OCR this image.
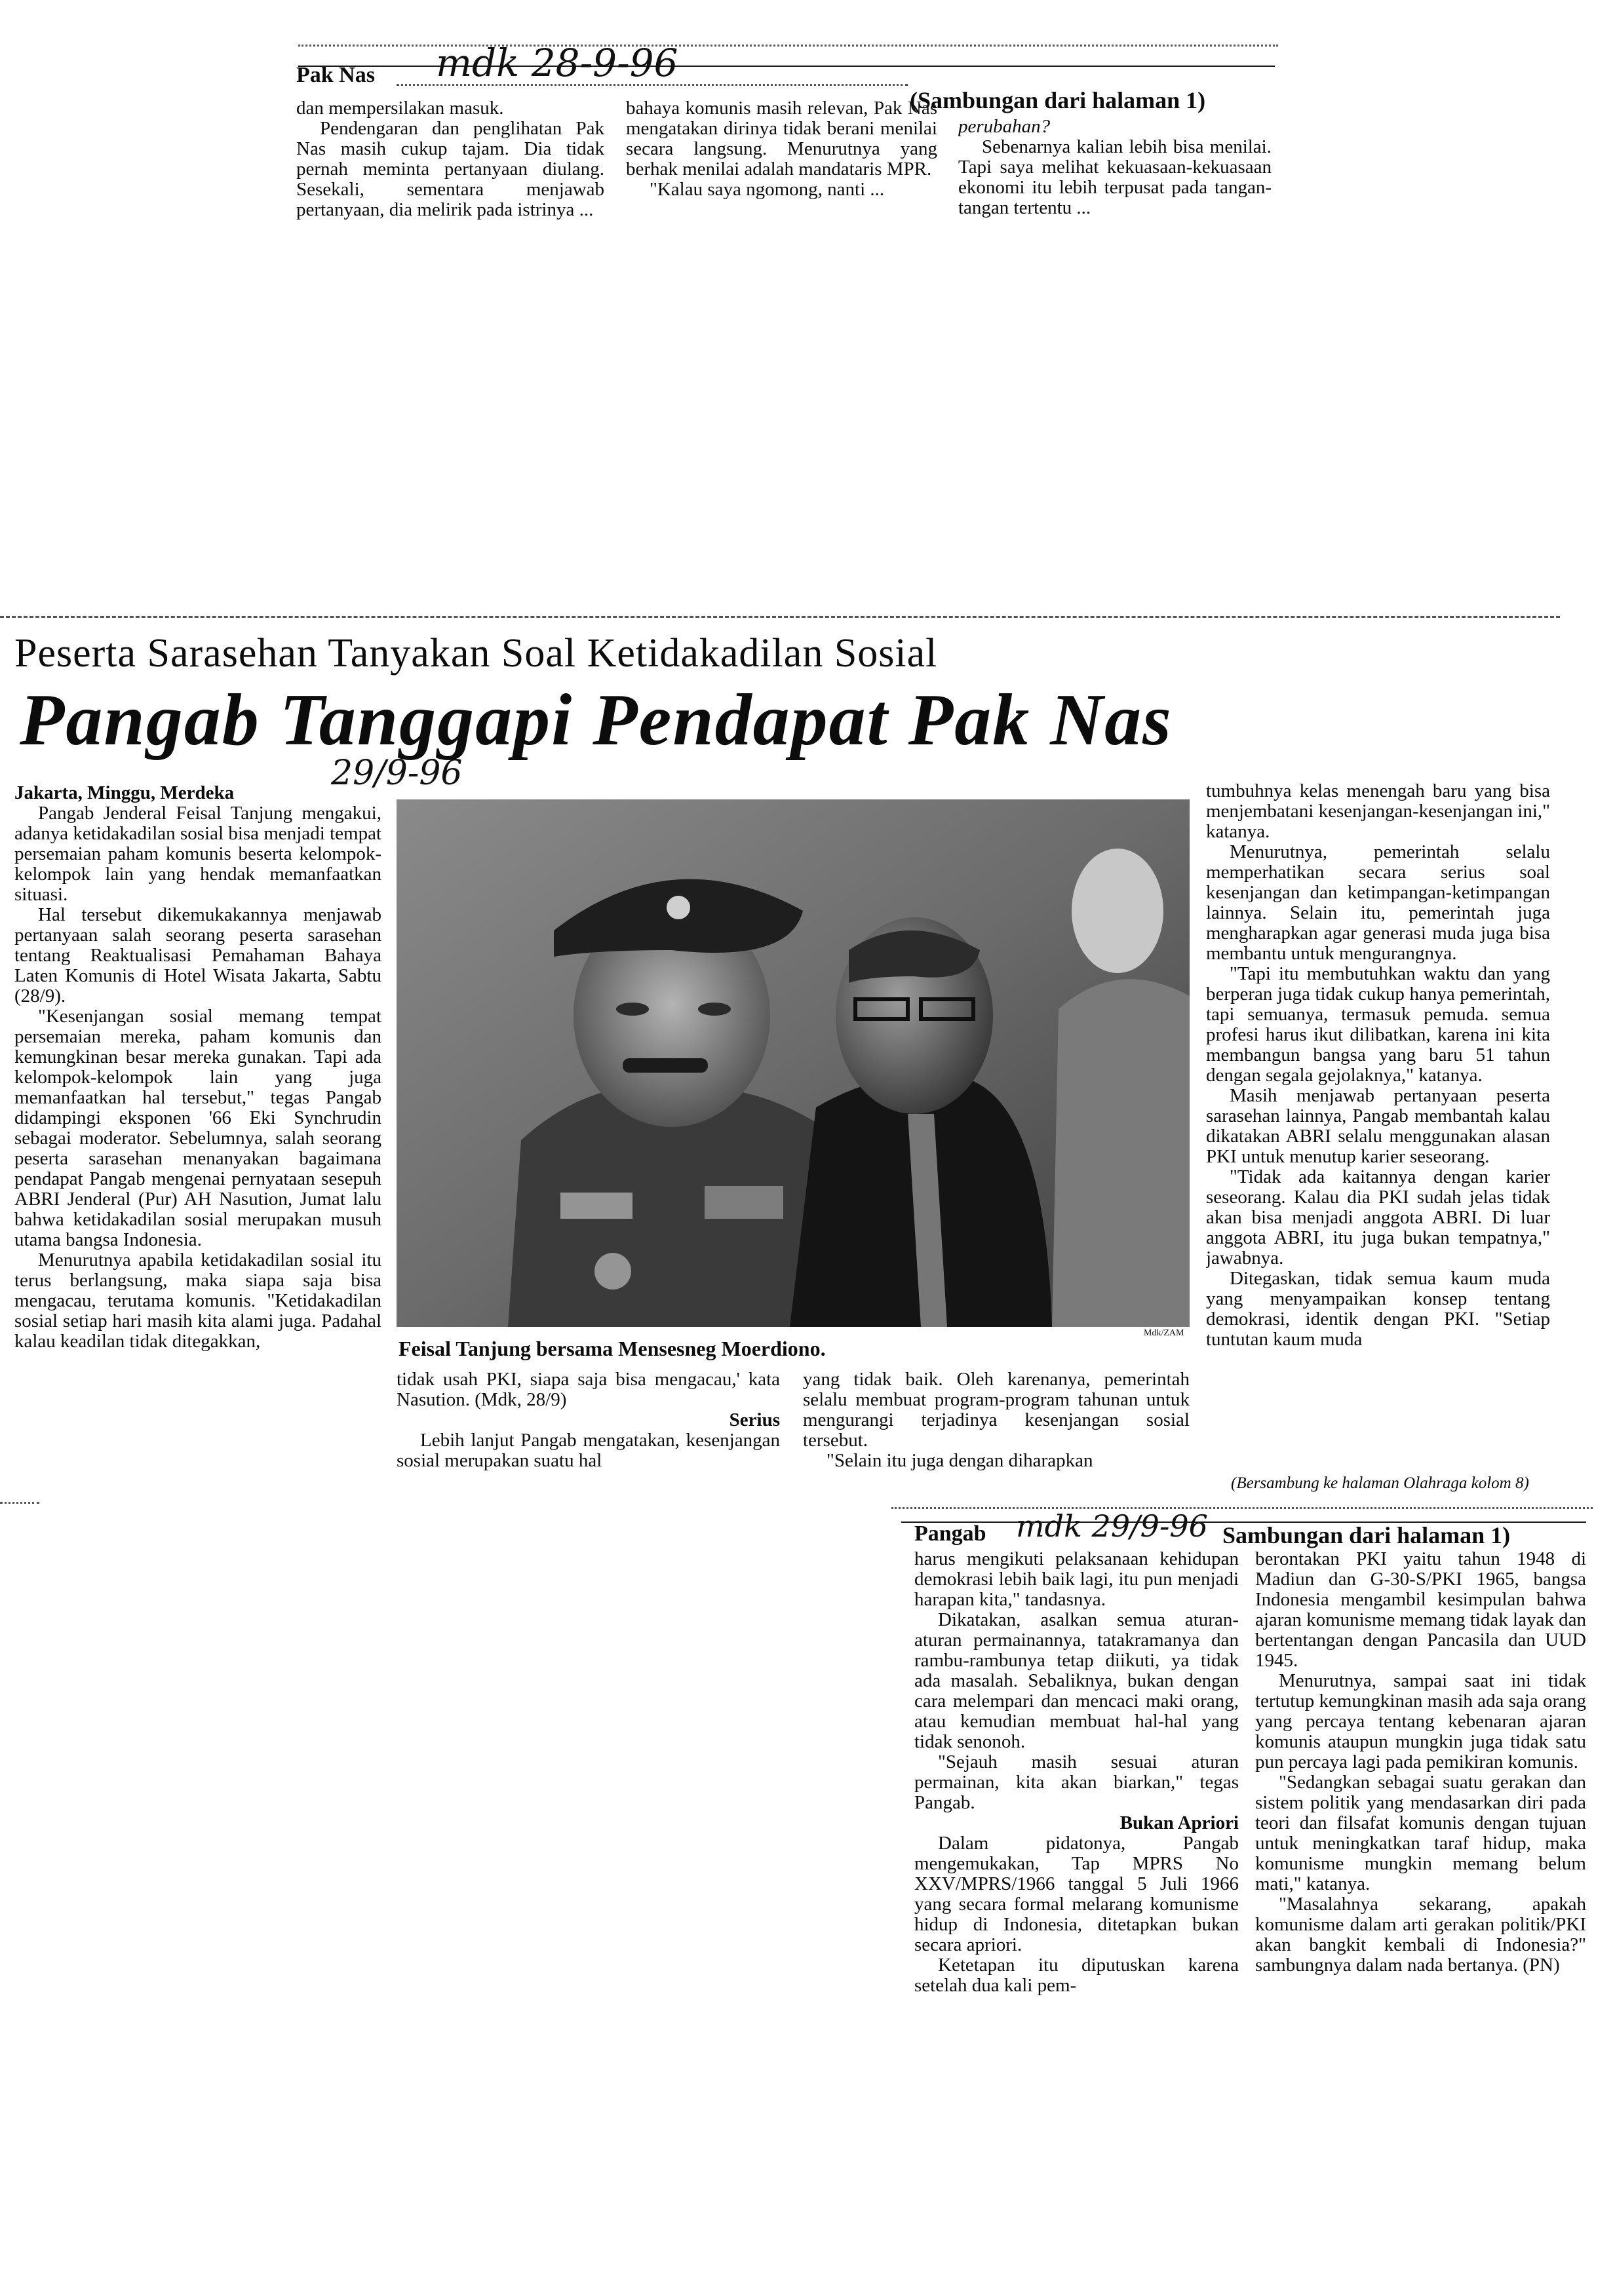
Pak Nas mdk 28-9-96
(Sambungan dari halaman 1)

dan mempersilakan masuk.

Pendengaran dan penglihatan Pak Nas masih cukup tajam. Dia tidak pernah meminta pertanyaan diulang. Sesekali, sementara menjawab pertanyaan, dia melirik pada istrinya ...

bahaya komunis masih relevan, Pak Nas mengatakan dirinya tidak berani menilai secara langsung. Menurutnya yang berhak menilai adalah mandataris MPR.

"Kalau saya ngomong, nanti ...

perubahan?

Sebenarnya kalian lebih bisa menilai. Tapi saya melihat kekuasaan-kekuasaan ekonomi itu lebih terpusat pada tangan-tangan tertentu ...

Peserta Sarasehan Tanyakan Soal Ketidakadilan Sosial
Pangab Tanggapi Pendapat Pak Nas
29/9-96

Jakarta, Minggu, Merdeka

Pangab Jenderal Feisal Tanjung mengakui, adanya ketidakadilan sosial bisa menjadi tempat persemaian paham komunis beserta kelompok-kelompok lain yang hendak memanfaatkan situasi.

Hal tersebut dikemukakannya menjawab pertanyaan salah seorang peserta sarasehan tentang Reaktualisasi Pemahaman Bahaya Laten Komunis di Hotel Wisata Jakarta, Sabtu (28/9).

"Kesenjangan sosial memang tempat persemaian mereka, paham komunis dan kemungkinan besar mereka gunakan. Tapi ada kelompok-kelompok lain yang juga memanfaatkan hal tersebut," tegas Pangab didampingi eksponen '66 Eki Synchrudin sebagai moderator. Sebelumnya, salah seorang peserta sarasehan menanyakan bagaimana pendapat Pangab mengenai pernyataan sesepuh ABRI Jenderal (Pur) AH Nasution, Jumat lalu bahwa ketidakadilan sosial merupakan musuh utama bangsa Indonesia.

Menurutnya apabila ketidakadilan sosial itu terus berlangsung, maka siapa saja bisa mengacau, terutama komunis. "Ketidakadilan sosial setiap hari masih kita alami juga. Padahal kalau keadilan tidak ditegakkan,	Mdk/ZAM
Feisal Tanjung bersama Mensesneg Moerdiono.

tidak usah PKI, siapa saja bisa mengacau,' kata Nasution. (Mdk, 28/9)

Serius

Lebih lanjut Pangab mengatakan, kesenjangan sosial merupakan suatu hal

yang tidak baik. Oleh karenanya, pemerintah selalu membuat program-program tahunan untuk mengurangi terjadinya kesenjangan sosial tersebut.

"Selain itu juga dengan diharapkan

tumbuhnya kelas menengah baru yang bisa menjembatani kesenjangan-kesenjangan ini," katanya.

Menurutnya, pemerintah selalu memperhatikan secara serius soal kesenjangan dan ketimpangan-ketimpangan lainnya. Selain itu, pemerintah juga mengharapkan agar generasi muda juga bisa membantu untuk mengurangnya.

"Tapi itu membutuhkan waktu dan yang berperan juga tidak cukup hanya pemerintah, tapi semuanya, termasuk pemuda. semua profesi harus ikut dilibatkan, karena ini kita membangun bangsa yang baru 51 tahun dengan segala gejolaknya," katanya.

Masih menjawab pertanyaan peserta sarasehan lainnya, Pangab membantah kalau dikatakan ABRI selalu menggunakan alasan PKI untuk menutup karier seseorang.

"Tidak ada kaitannya dengan karier seseorang. Kalau dia PKI sudah jelas tidak akan bisa menjadi anggota ABRI. Di luar anggota ABRI, itu juga bukan tempatnya," jawabnya.

Ditegaskan, tidak semua kaum muda yang menyampaikan konsep tentang demokrasi, identik dengan PKI. "Setiap tuntutan kaum muda

(Bersambung ke halaman Olahraga kolom 8)
Pangab mdk 29/9-96 Sambungan dari halaman 1)

harus mengikuti pelaksanaan kehidupan demokrasi lebih baik lagi, itu pun menjadi harapan kita," tandasnya.

Dikatakan, asalkan semua aturan-aturan permainannya, tatakramanya dan rambu-rambunya tetap diikuti, ya tidak ada masalah. Sebaliknya, bukan dengan cara melempari dan mencaci maki orang, atau kemudian membuat hal-hal yang tidak senonoh.

"Sejauh masih sesuai aturan permainan, kita akan biarkan," tegas Pangab.

Bukan Apriori

Dalam pidatonya, Pangab mengemukakan, Tap MPRS No XXV/MPRS/1966 tanggal 5 Juli 1966 yang secara formal melarang komunisme hidup di Indonesia, ditetapkan bukan secara apriori.

Ketetapan itu diputuskan karena setelah dua kali pem-

berontakan PKI yaitu tahun 1948 di Madiun dan G-30-S/PKI 1965, bangsa Indonesia mengambil kesimpulan bahwa ajaran komunisme memang tidak layak dan bertentangan dengan Pancasila dan UUD 1945.

Menurutnya, sampai saat ini tidak tertutup kemungkinan masih ada saja orang yang percaya tentang kebenaran ajaran komunis ataupun mungkin juga tidak satu pun percaya lagi pada pemikiran komunis.

"Sedangkan sebagai suatu gerakan dan sistem politik yang mendasarkan diri pada teori dan filsafat komunis dengan tujuan untuk meningkatkan taraf hidup, maka komunisme mungkin memang belum mati," katanya.

"Masalahnya sekarang, apakah komunisme dalam arti gerakan politik/PKI akan bangkit kembali di Indonesia?" sambungnya dalam nada bertanya. (PN)
